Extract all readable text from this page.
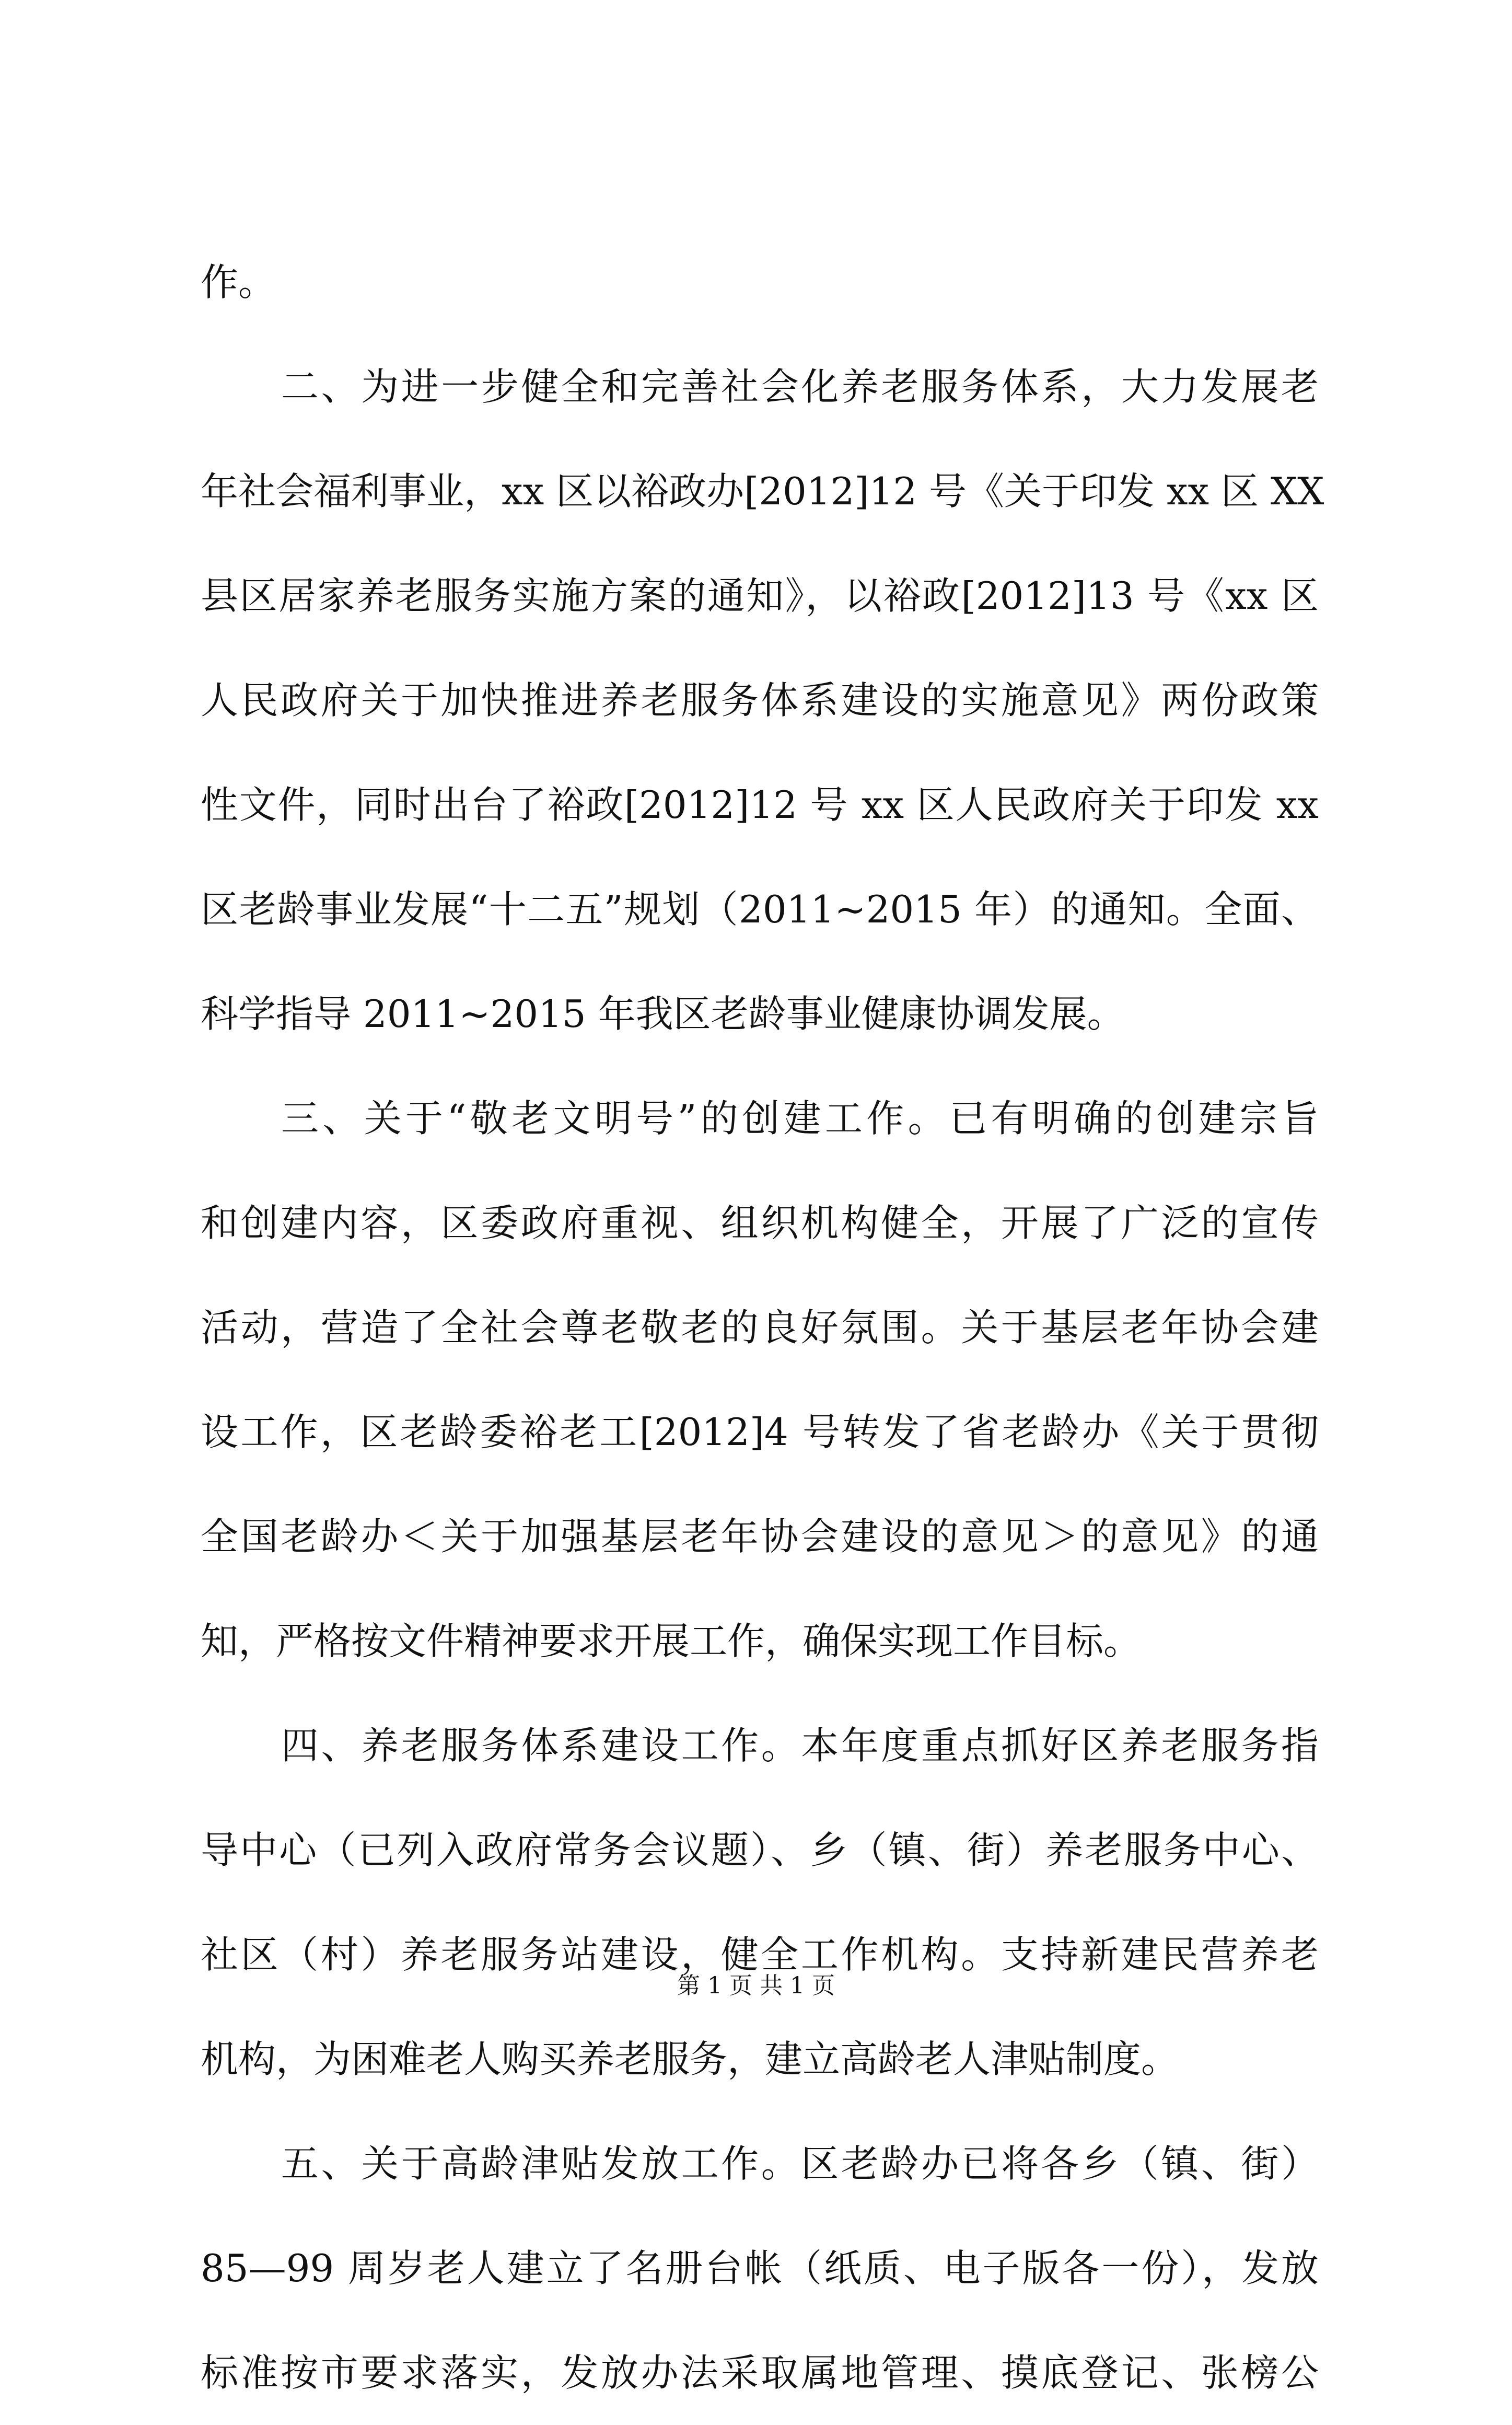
作。
二、为进一步健全和完善社会化养老服务体系，大力发展老
年社会福利事业，xx 区以裕政办[2012]12 号《关于印发 xx 区 XX
县区居家养老服务实施方案的通知》，以裕政[2012]13 号《xx 区
人民政府关于加快推进养老服务体系建设的实施意见》两份政策
性文件，同时出台了裕政[2012]12 号 xx 区人民政府关于印发 xx
区老龄事业发展“十二五”规划（2011~2015 年）的通知。全面、
科学指导 2011~2015 年我区老龄事业健康协调发展。
三、关于“敬老文明号”的创建工作。已有明确的创建宗旨
和创建内容，区委政府重视、组织机构健全，开展了广泛的宣传
活动，营造了全社会尊老敬老的良好氛围。关于基层老年协会建
设工作，区老龄委裕老工[2012]4 号转发了省老龄办《关于贯彻
全国老龄办＜关于加强基层老年协会建设的意见＞的意见》的通
知，严格按文件精神要求开展工作，确保实现工作目标。
四、养老服务体系建设工作。本年度重点抓好区养老服务指
导中心（已列入政府常务会议题）、乡（镇、街）养老服务中心、
社区（村）养老服务站建设，健全工作机构。支持新建民营养老
机构，为困难老人购买养老服务，建立高龄老人津贴制度。
五、关于高龄津贴发放工作。区老龄办已将各乡（镇、街）
85—99 周岁老人建立了名册台帐（纸质、电子版各一份），发放
标准按市要求落实，发放办法采取属地管理、摸底登记、张榜公
第 1 页 共 1 页
